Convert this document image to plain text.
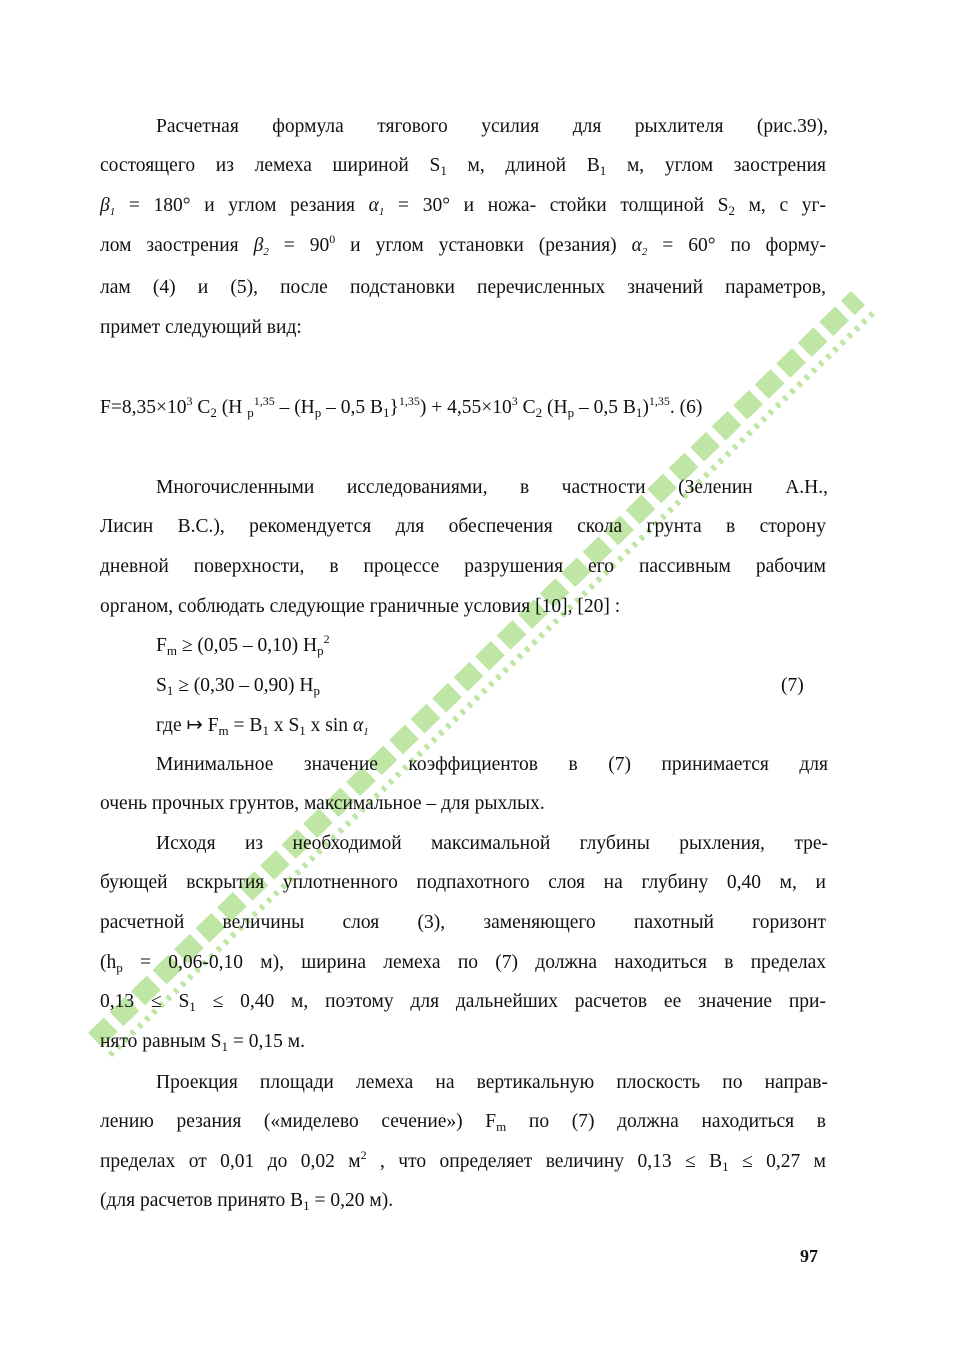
Расчетная формула тягового усилия для рыхлителя (рис.39),
состоящего из лемеха шириной $S_1$ м, длиной $B_1$ м, углом заострения
$\beta_1 = 180^\circ$ и углом резания $\alpha_1 = 30^\circ$ и ножа- стойки толщиной $S_2$ м, с уг-
лом заострения $\beta_2 = 90^0$ и углом установки (резания) $\alpha_2 = 60^\circ$ по форму-
лам (4) и (5), после подстановки перечисленных значений параметров,
примет следующий вид:
$F=8,35\times 10^3$ $C_2$ (H $_p^{1,35} - (H_p - 0,5$ $B_1\}^{1,35}) + 4,55\times 10^3$ $C_2$ ($H_p - 0,5$ $B_1)^{1,35}$. (6)
Многочисленными исследованиями, в частности (Зеленин А.Н.,
Лисин В.С.), рекомендуется для обеспечения скола грунта в сторону
дневной поверхности, в процессе разрушения его пассивным рабочим
органом, соблюдать следующие граничные условия [10], [20] :
$F_m \ge (0,05 - 0,10)$ $H_p^2$
$S_1 \ge (0,30 - 0,90)$ $H_p$	(7)
где ↦ $F_m = B_1$ x $S_1$ x $\sin \alpha_1$
Минимальное значение коэффициентов в (7) принимается для
очень прочных грунтов, максимальное – для рыхлых.
Исходя из необходимой максимальной глубины рыхления, тре-
бующей вскрытия уплотненного подпахотного слоя на глубину 0,40 м, и
расчетной величины слоя (3), заменяющего пахотный горизонт
($h_p = 0,06-0,10$ м), ширина лемеха по (7) должна находиться в пределах
$0,13 \le S_1 \le 0,40$ м, поэтому для дальнейших расчетов ее значение при-
нято равным $S_1 = 0,15$ м.
Проекция площади лемеха на вертикальную плоскость по направ-
лению резания («миделево сечение») $F_m$ по (7) должна находиться в
пределах от 0,01 до 0,02 $м^2$ , что определяет величину $0,13 \le B_1 \le 0,27$ м
(для расчетов принято $B_1 = 0,20$ м).
97
